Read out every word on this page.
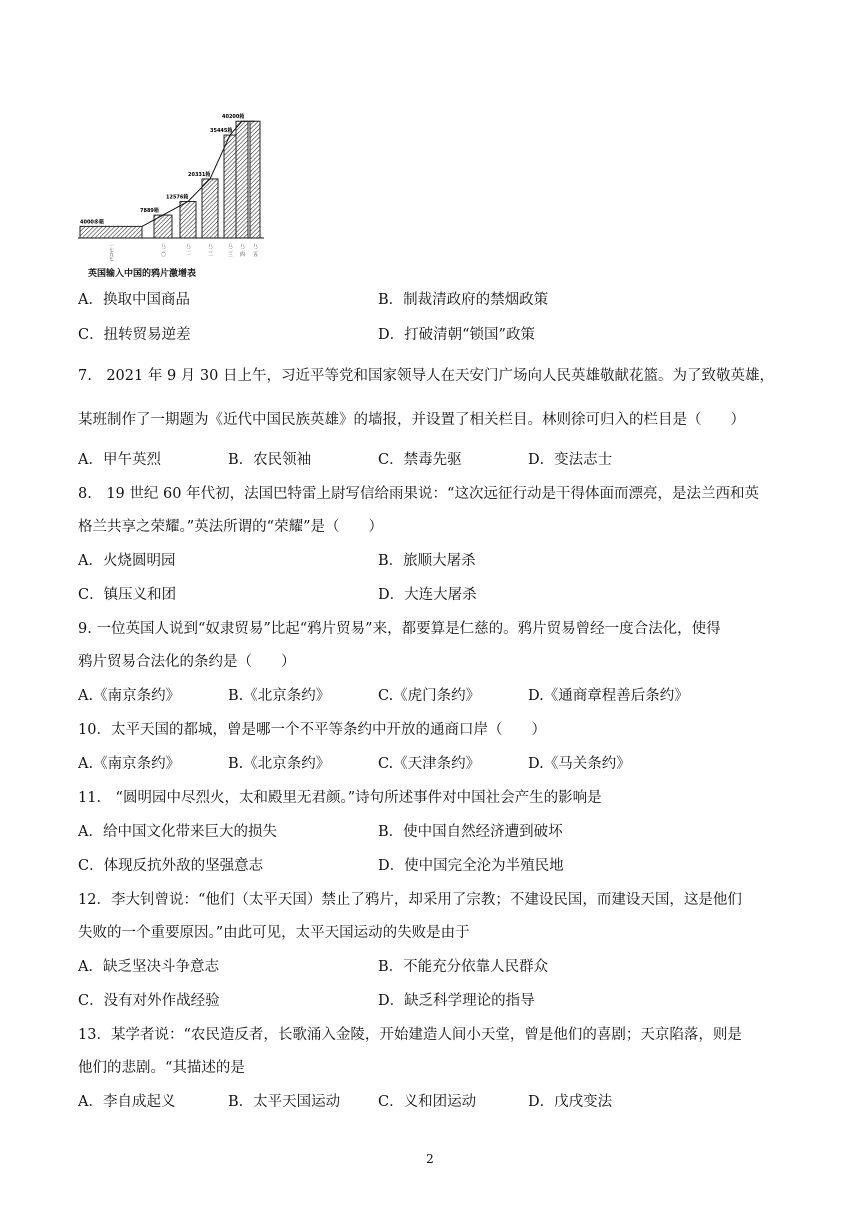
4000多箱
7889箱
12576箱
20331箱
35445箱
40200箱
一七九七	八二〇	八二一	八二二	八二三 八二四 八二五
英国输入中国的鸦片激增表
A．换取中国商品	B．制裁清政府的禁烟政策
C．扭转贸易逆差	D．打破清朝“锁国”政策
7.　2021 年 9 月 30 日上午，习近平等党和国家领导人在天安门广场向人民英雄敬献花篮。为了致敬英雄，
某班制作了一期题为《近代中国民族英雄》的墙报，并设置了相关栏目。林则徐可归入的栏目是（　　）
A．甲午英烈	B．农民领袖	C．禁毒先驱	D．变法志士
8.　19 世纪 60 年代初，法国巴特雷上尉写信给雨果说：“这次远征行动是干得体面而漂亮，是法兰西和英
格兰共享之荣耀。”英法所谓的“荣耀”是（　　）
A．火烧圆明园	B．旅顺大屠杀
C．镇压义和团	D．大连大屠杀
9. 一位英国人说到“奴隶贸易”比起“鸦片贸易”来，都要算是仁慈的。鸦片贸易曾经一度合法化，使得
鸦片贸易合法化的条约是（　　）
A.《南京条约》	B.《北京条约》	C.《虎门条约》	D.《通商章程善后条约》
10．太平天国的都城，曾是哪一个不平等条约中开放的通商口岸（　　）
A.《南京条约》	B.《北京条约》	C.《天津条约》	D.《马关条约》
11.　“圆明园中尽烈火，太和殿里无君颜。”诗句所述事件对中国社会产生的影响是
A．给中国文化带来巨大的损失	B．使中国自然经济遭到破坏
C．体现反抗外敌的坚强意志	D．使中国完全沦为半殖民地
12．李大钊曾说：“他们（太平天国）禁止了鸦片，却采用了宗教；不建设民国，而建设天国，这是他们
失败的一个重要原因。”由此可见，太平天国运动的失败是由于
A．缺乏坚决斗争意志	B．不能充分依靠人民群众
C．没有对外作战经验	D．缺乏科学理论的指导
13．某学者说：“农民造反者，长歌涌入金陵，开始建造人间小天堂，曾是他们的喜剧；天京陷落，则是
他们的悲剧。“其描述的是
A．李自成起义	B．太平天国运动	C．义和团运动	D．戊戌变法
2
